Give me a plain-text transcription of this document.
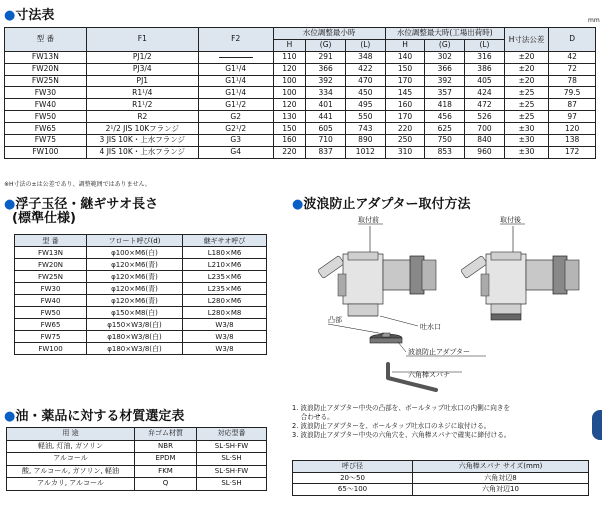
●寸法表	mm
型 番	F1	F2	水位調整最小時			水位調整最大時(工場出荷時)			H寸法公差	D
			H	(G)	(L)	H	(G)	(L)		
FW13N	PJ1/2		110	291	348	140	302	316	±20	42
FW20N	PJ3/4	G1¹/4	120	366	422	150	366	386	±20	72
FW25N	PJ1	G1¹/4	100	392	470	170	392	405	±20	78
FW30	R1¹/4	G1¹/4	100	334	450	145	357	424	±25	79.5
FW40	R1¹/2	G1¹/2	120	401	495	160	418	472	±25	87
FW50	R2	G2	130	441	550	170	456	526	±25	97
FW65	2¹/2 JIS 10Kフランジ	G2¹/2	150	605	743	220	625	700	±30	120
FW75	3 JIS 10K・上水フランジ	G3	160	710	890	250	750	840	±30	138
FW100	4 JIS 10K・上水フランジ	G4	220	837	1012	310	853	960	±30	172
※H寸法の±は公差であり、調整範囲ではありません。
●浮子玉径・継ギサオ長さ
(標準仕様)
型 番	フロート呼び(d)	継ギサオ呼び
FW13N	φ100×M6(白)	L180×M6
FW20N	φ120×M6(青)	L210×M6
FW25N	φ120×M6(青)	L235×M6
FW30	φ120×M6(青)	L235×M6
FW40	φ120×M6(青)	L280×M6
FW50	φ150×M8(白)	L280×M8
FW65	φ150×W3/8(白)	W3/8
FW75	φ180×W3/8(白)	W3/8
FW100	φ180×W3/8(白)	W3/8
●波浪防止アダプター取付方法
取付前	取付後
凸部
吐水口
波浪防止アダプター
六角棒スパナ
1. 波浪防止アダプター中央の凸部を、ボールタップ吐水口の内側に向きを
　 合わせる。
2. 波浪防止アダプターを、ボールタップ吐水口のネジに取付ける。
3. 波浪防止アダプター中央の六角穴を、六角棒スパナで確実に締付ける。
呼び径	六角棒スパナ サイズ(mm)
20〜50	六角対辺8
65〜100	六角対辺10
●油・薬品に対する材質選定表
用 途	弁ゴム材質	対応型番
軽油, 灯油, ガソリン	NBR	SL·SH·FW
アルコール	EPDM	SL·SH
酸, アルコール, ガソリン, 軽油	FKM	SL·SH·FW
アルカリ, アルコール	Q	SL·SH
